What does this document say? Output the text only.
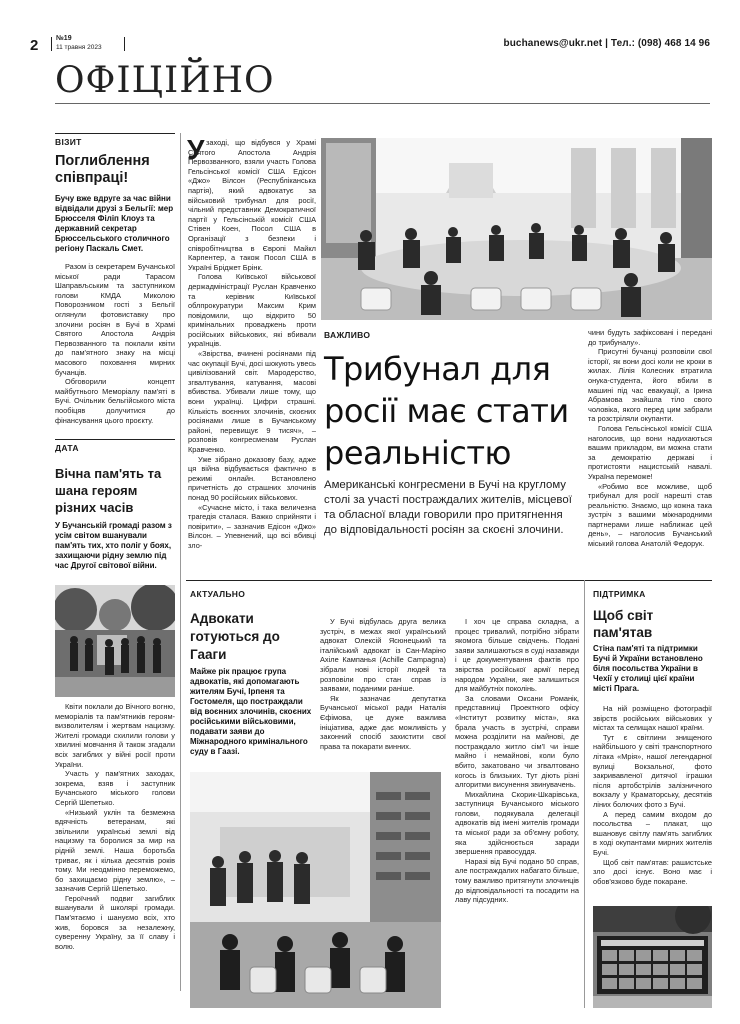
2	№19
11 травня 2023	buchanews@ukr.net | Тел.: (098) 468 14 96
ОФІЦІЙНО
ВІЗИТ
Поглиблення співпраці!
Бучу вже вдруге за час війни відвідали друзі з Бельгії: мер Брюсселя Філіп Клоуз та державний секретар Брюссельського столичного регіону Паскаль Смет.

Разом із секретарем Бучанської міської ради Тарасом Шаправљським та заступником голови КМДА Миколою Поворозником гості з Бельгії оглянули фотовиставку про злочини росіян в Бучі в Храмі Святого Апостола Андрія Первозванного та поклали квіти до пам'ятного знаку на місці масового поховання мирних бучанців.

Обговорили концепт майбутнього Меморіалу пам'яті в Бучі. Очільник бельгійського міста пообіцяв долучитися до фінансування цього проєкту.

ДАТА
Вічна пам'ять та шана героям різних часів
У Бучанській громаді разом з усім світом вшанували пам'ять тих, хто поліг у боях, захищаючи рідну землю під час Другої світової війни.

Квіти поклали до Вічного вогню, меморіалів та пам'ятників героям-визволителям і жертвам нацизму. Жителі громади схилили голови у хвилині мовчання й також згадали всіх загиблих у війні росії проти України.

Участь у пам'ятних заходах, зокрема, взяв і заступник Бучанського міського голови Сергій Шепетько.

«Низький уклін та безмежна вдячність ветеранам, які звільнили українські землі від нацизму та боролися за мир на рідній землі. Наша боротьба триває, як і кілька десятків років тому. Ми неодмінно переможемо, бо захищаємо рідну землю», – зазначив Сергій Шепетько.

Героїчний подвиг загиблих вшанували й школярі громади. Пам'ятаємо і шануємо всіх, хто жив, боровся за незалежну, суверенну Україну, за її славу і волю.

У заході, що відбувся у Храмі Святого Апостола Андрія Первозванного, взяли участь Голова Гельсінської комісії США Едісон «Джо» Вілсон (Республіканська партія), який адвокатує за військовий трибунал для росії, чільний представник Демократичної партії у Гельсінській комісії США Стівен Коен, Посол США в Організації з безпеки і співробітництва в Європі Майкл Карпентер, а також Посол США в Україні Бріджет Брінк.

Голова Київської військової держадміністрації Руслан Кравченко та керівник Київської облпрокуратури Максим Крим повідомили, що відкрито 50 кримінальних проваджень проти російських військових, які вбивали українців.

«Звірства, вчинені росіянами під час окупації Бучі, досі шокують увесь цивілізований світ. Мародерство, згвалтування, катування, масові вбивства. Убивали лише тому, що вони українці. Цифри страшні. Кількість воєнних злочинів, скоєних росіянами лише в Бучанському районі, перевищує 9 тисяч», – розповів конгресменам Руслан Кравченко.

Уже зібрано доказову базу, адже ця війна відбувається фактично в режимі онлайн. Встановлено причетність до страшних злочинів понад 90 російських військових.

«Сучасне місто, і така величезна трагедія сталася. Важко сприйняти і повірити», – зазначив Едісон «Джо» Вілсон. – Упевнений, що всі вбивці зло-

ВАЖЛИВО
Трибунал для росії має стати реальністю
Американські конгресмени в Бучі на круглому столі за участі постраждалих жителів, місцевої та обласної влади говорили про притягнення до відповідальності росіян за скоєні злочини.

чини будуть зафіксовані і передані до трибуналу».

Присутні бучанці розповіли свої історії, як вони досі коли не кроки в жилах. Лілія Колесник втратила онука-студента, його вбили в машині під час евакуації, а Ірина Абрамова знайшла тіло свого чоловіка, якого перед цим забрали та розстріляли окупанти.

Голова Гельсінської комісії США наголосив, що вони надихаються вашим прикладом, ви можна стати за демократію державі і протистояти нацистській навалі. Україна переможе!

«Робимо все можливе, щоб трибунал для росії нарешті став реальністю. Знаємо, що кожна така зустріч з вашими міжнародними партнерами лише наближає цей день», – наголосив Бучанський міський голова Анатолій Федорук.

АКТУАЛЬНО
Адвокати готуються до Гааги
Майже рік працює група адвокатів, які допомагають жителям Бучі, Ірпеня та Гостомеля, що постраждали від воєнних злочинів, скоєних російськими військовими, подавати заяви до Міжнародного кримінального суду в Гаазі.

У Бучі відбулась друга велика зустріч, в межах якої український адвокат Олексій Ясюнецький та італійський адвокат із Сан-Маріно Ахіле Кампанья (Achille Campagna) зібрали нові історії людей та розповіли про стан справ із заявами, поданими раніше.

Як зазначає депутатка Бучанської міської ради Наталія Єфімова, це дуже важлива ініціатива, адже дає можливість у законний спосіб захистити свої права та покарати винних.

І хоч це справа складна, а процес тривалий, потрібно зібрати якомога більше свідчень. Подані заяви залишаються в суді назавжди і це документування фактів про звірства російської армії перед народом України, яке залишиться для майбутніх поколінь.

За словами Оксани Романік, представниці Проектного офісу «Інститут розвитку міста», яка брала участь в зустрічі, справи можна розділити на майнові, де постраждало житло сім'ї чи інше майно і немайнові, коли було вбито, закатовано чи згвалтовано когось із близьких. Тут діють різні алгоритми висунення звинувачень.

Михайлина Скорик-Шкарівська, заступниця Бучанського міського голови, подякувала делегації адвокатів від імені жителів громади та міської ради за об'ємну роботу, яка здійснюється заради звершення правосуддя.

Наразі від Бучі подано 50 справ, але постраждалих набагато більше, тому важливо притягнути злочинців до відповідальності та посадити на лаву підсудних.

ПІДТРИМКА
Щоб світ пам'ятав
Стіна пам'яті та підтримки Бучі й України встановлено біля посольства України в Чехії у столиці цієї країни місті Прага.

На ній розміщено фотографії звірств російських військових у містах та селищах нашої країни.

Тут є світлини знищеного найбільшого у світі транспортного літака «Мрія», нашої легендарної вулиці Вокзальної, фото закривавленої дитячої іграшки після артобстрілів залізничного вокзалу у Краматорську, десятків ліних болючих фото з Бучі.

А перед самим входом до посольства – плакат, що вшановує світлу пам'ять загиблих в ході окупантами мирних жителів Бучі.

Щоб світ пам'ятав: рашистське зло досі існує. Воно має і обов'язково буде покаране.
